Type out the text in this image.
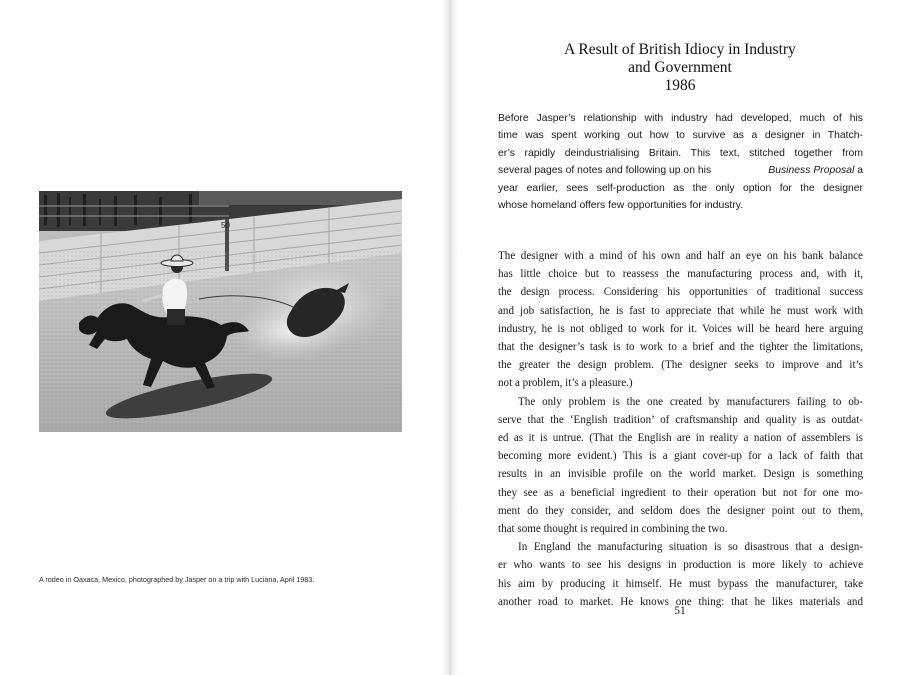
50
A rodeo in Oaxaca, Mexico, photographed by Jasper on a trip with Luciana, April 1983.
A Result of British Idiocy in Industry
and Government
1986
Before Jasper’s relationship with industry had developed, much of his
time was spent working out how to survive as a designer in Thatch-
er’s rapidly deindustrialising Britain. This text, stitched together from
several pages of notes and following up on his	Business Proposal a
year earlier, sees self-production as the only option for the designer
whose homeland offers few opportunities for industry.
The designer with a mind of his own and half an eye on his bank balance
has little choice but to reassess the manufacturing process and, with it,
the design process. Considering his opportunities of traditional success
and job satisfaction, he is fast to appreciate that while he must work with
industry, he is not obliged to work for it. Voices will be heard here arguing
that the designer’s task is to work to a brief and the tighter the limitations,
the greater the design problem. (The designer seeks to improve and it’s
not a problem, it’s a pleasure.)
The only problem is the one created by manufacturers failing to ob-
serve that the ‘English tradition’ of craftsmanship and quality is as outdat-
ed as it is untrue. (That the English are in reality a nation of assemblers is
becoming more evident.) This is a giant cover-up for a lack of faith that
results in an invisible profile on the world market. Design is something
they see as a beneficial ingredient to their operation but not for one mo-
ment do they consider, and seldom does the designer point out to them,
that some thought is required in combining the two.
In England the manufacturing situation is so disastrous that a design-
er who wants to see his designs in production is more likely to achieve
his aim by producing it himself. He must bypass the manufacturer, take
another road to market. He knows one thing: that he likes materials and
51
